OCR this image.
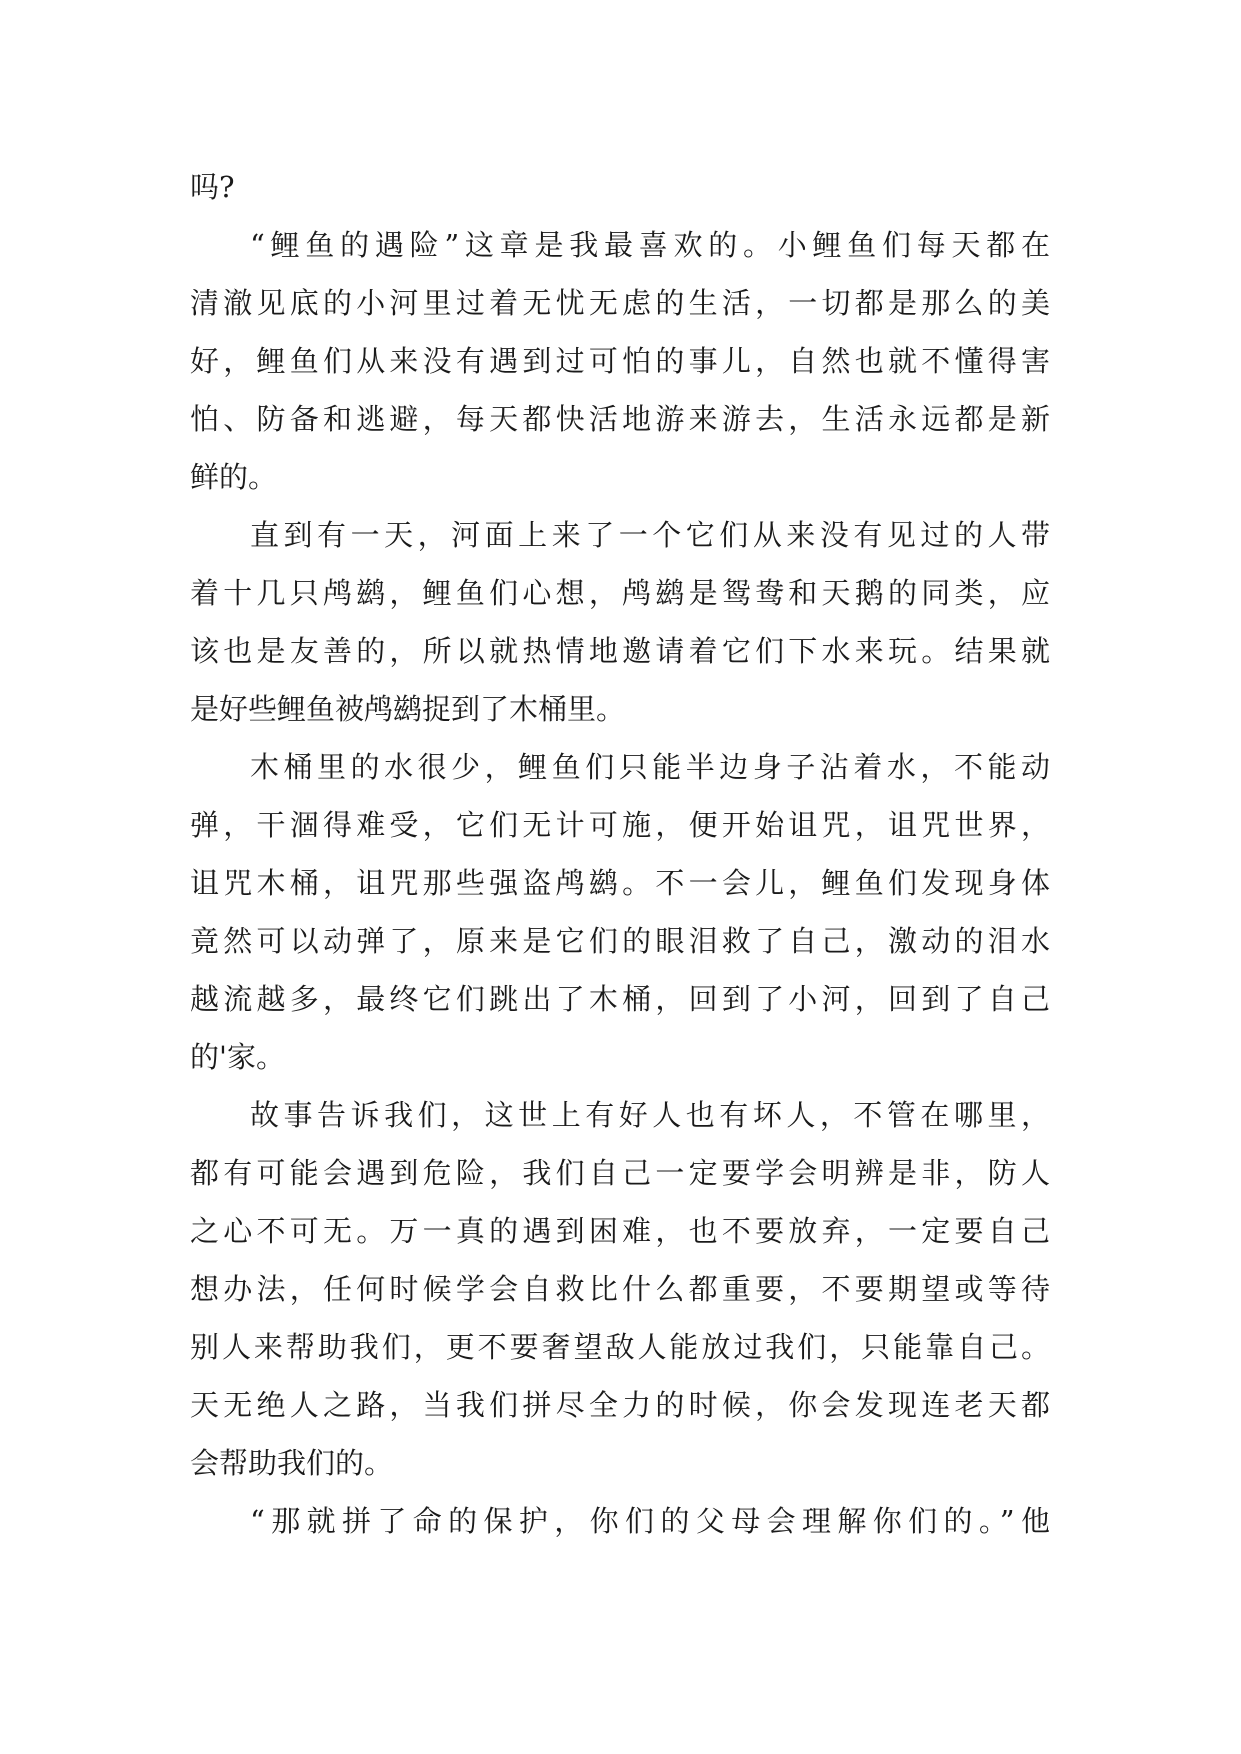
吗?
“鲤鱼的遇险”这章是我最喜欢的。小鲤鱼们每天都在
清澈见底的小河里过着无忧无虑的生活，一切都是那么的美
好，鲤鱼们从来没有遇到过可怕的事儿，自然也就不懂得害
怕、防备和逃避，每天都快活地游来游去，生活永远都是新
鲜的。
直到有一天，河面上来了一个它们从来没有见过的人带
着十几只鸬鹚，鲤鱼们心想，鸬鹚是鸳鸯和天鹅的同类，应
该也是友善的，所以就热情地邀请着它们下水来玩。结果就
是好些鲤鱼被鸬鹚捉到了木桶里。
木桶里的水很少，鲤鱼们只能半边身子沾着水，不能动
弹，干涸得难受，它们无计可施，便开始诅咒，诅咒世界，
诅咒木桶，诅咒那些强盗鸬鹚。不一会儿，鲤鱼们发现身体
竟然可以动弹了，原来是它们的眼泪救了自己，激动的泪水
越流越多，最终它们跳出了木桶，回到了小河，回到了自己
的'家。
故事告诉我们，这世上有好人也有坏人，不管在哪里，
都有可能会遇到危险，我们自己一定要学会明辨是非，防人
之心不可无。万一真的遇到困难，也不要放弃，一定要自己
想办法，任何时候学会自救比什么都重要，不要期望或等待
别人来帮助我们，更不要奢望敌人能放过我们，只能靠自己。
天无绝人之路，当我们拼尽全力的时候，你会发现连老天都
会帮助我们的。
“那就拼了命的保护，你们的父母会理解你们的。”他
